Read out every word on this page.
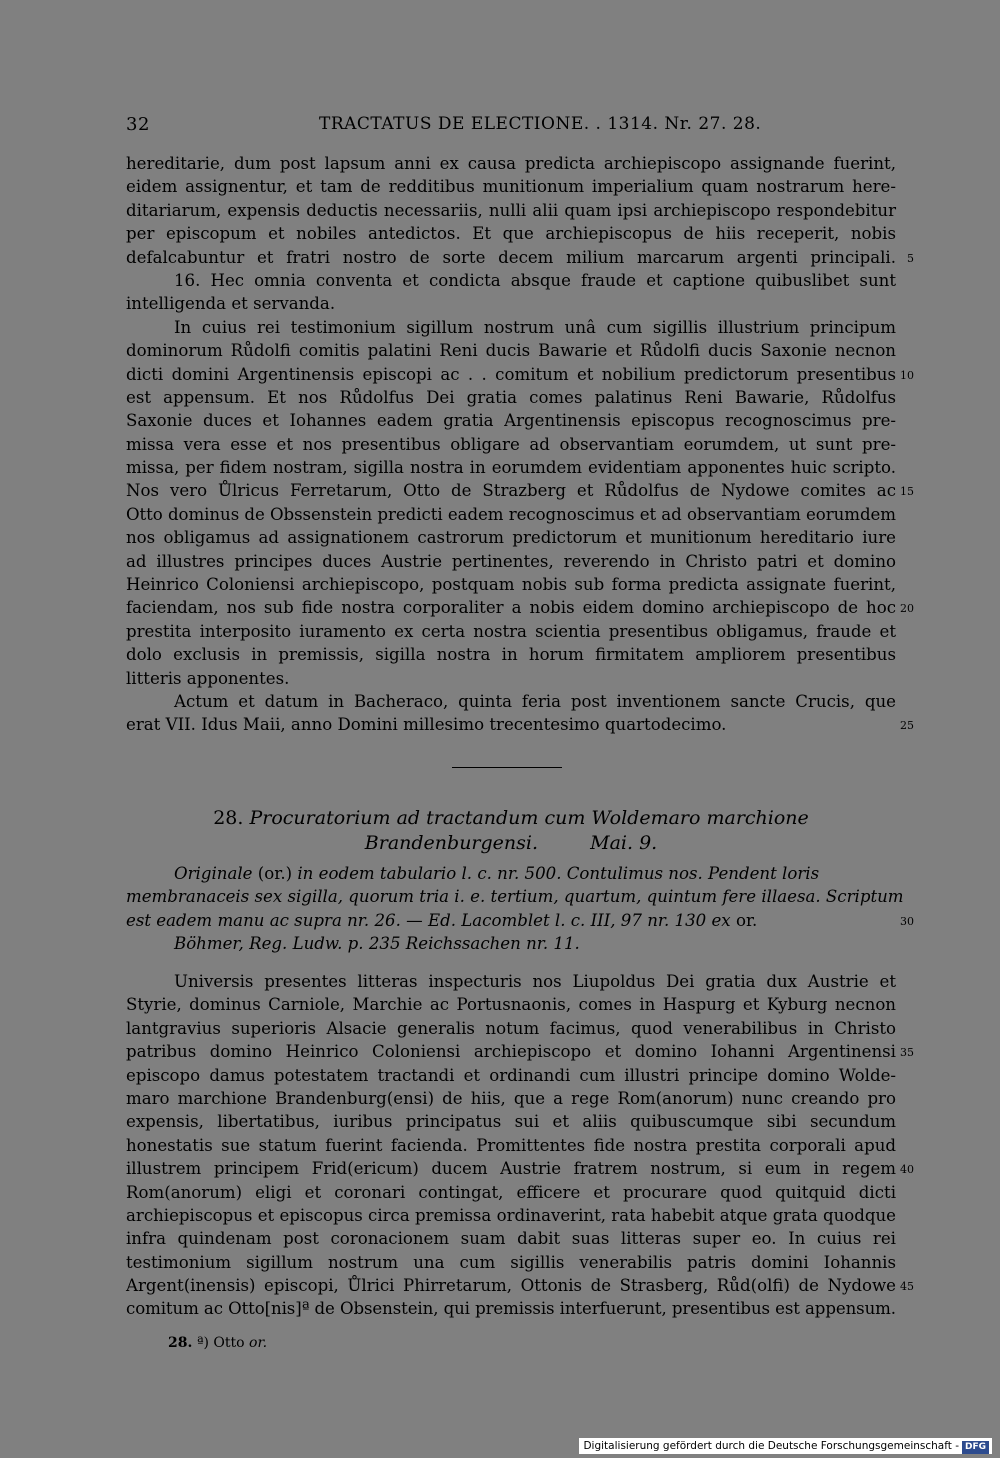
32	TRACTATUS DE ELECTIONE. . 1314. Nr. 27. 28.
hereditarie, dum post lapsum anni ex causa predicta archiepiscopo assignande fuerint,
eidem assignentur, et tam de redditibus munitionum imperialium quam nostrarum here-
ditariarum, expensis deductis necessariis, nulli alii quam ipsi archiepiscopo respondebitur
per episcopum et nobiles antedictos. Et que archiepiscopus de hiis receperit, nobis
defalcabuntur et fratri nostro de sorte decem milium marcarum argenti principali. 5
16. Hec omnia conventa et condicta absque fraude et captione quibuslibet sunt
intelligenda et servanda.
In cuius rei testimonium sigillum nostrum unâ cum sigillis illustrium principum
dominorum Růdolfi comitis palatini Reni ducis Bawarie et Růdolfi ducis Saxonie necnon
dicti domini Argentinensis episcopi ac . . comitum et nobilium predictorum presentibus 10
est appensum. Et nos Růdolfus Dei gratia comes palatinus Reni Bawarie, Růdolfus
Saxonie duces et Iohannes eadem gratia Argentinensis episcopus recognoscimus pre-
missa vera esse et nos presentibus obligare ad observantiam eorumdem, ut sunt pre-
missa, per fidem nostram, sigilla nostra in eorumdem evidentiam apponentes huic scripto.
Nos vero Ůlricus Ferretarum, Otto de Strazberg et Růdolfus de Nydowe comites ac 15
Otto dominus de Obssenstein predicti eadem recognoscimus et ad observantiam eorumdem
nos obligamus ad assignationem castrorum predictorum et munitionum hereditario iure
ad illustres principes duces Austrie pertinentes, reverendo in Christo patri et domino
Heinrico Coloniensi archiepiscopo, postquam nobis sub forma predicta assignate fuerint,
faciendam, nos sub fide nostra corporaliter a nobis eidem domino archiepiscopo de hoc 20
prestita interposito iuramento ex certa nostra scientia presentibus obligamus, fraude et
dolo exclusis in premissis, sigilla nostra in horum firmitatem ampliorem presentibus
litteris apponentes.
Actum et datum in Bacheraco, quinta feria post inventionem sancte Crucis, que
erat VII. Idus Maii, anno Domini millesimo trecentesimo quartodecimo.	25
28. Procuratorium ad tractandum cum Woldemaro marchione
Brandenburgensi.	Mai. 9.
Originale (or.) in eodem tabulario l. c. nr. 500. Contulimus nos. Pendent loris
membranaceis sex sigilla, quorum tria i. e. tertium, quartum, quintum fere illaesa. Scriptum
est eadem manu ac supra nr. 26. — Ed. Lacomblet l. c. III, 97 nr. 130 ex or.	30
Böhmer, Reg. Ludw. p. 235 Reichssachen nr. 11.
Universis presentes litteras inspecturis nos Liupoldus Dei gratia dux Austrie et
Styrie, dominus Carniole, Marchie ac Portusnaonis, comes in Haspurg et Kyburg necnon
lantgravius superioris Alsacie generalis notum facimus, quod venerabilibus in Christo
patribus domino Heinrico Coloniensi archiepiscopo et domino Iohanni Argentinensi 35
episcopo damus potestatem tractandi et ordinandi cum illustri principe domino Wolde-
maro marchione Brandenburg(ensi) de hiis, que a rege Rom(anorum) nunc creando pro
expensis, libertatibus, iuribus principatus sui et aliis quibuscumque sibi secundum
honestatis sue statum fuerint facienda. Promittentes fide nostra prestita corporali apud
illustrem principem Frid(ericum) ducem Austrie fratrem nostrum, si eum in regem 40
Rom(anorum) eligi et coronari contingat, efficere et procurare quod quitquid dicti
archiepiscopus et episcopus circa premissa ordinaverint, rata habebit atque grata quodque
infra quindenam post coronacionem suam dabit suas litteras super eo. In cuius rei
testimonium sigillum nostrum una cum sigillis venerabilis patris domini Iohannis
Argent(inensis) episcopi, Ůlrici Phirretarum, Ottonis de Strasberg, Růd(olfi) de Nydowe 45
comitum ac Otto[nis]ª de Obsenstein, qui premissis interfuerunt, presentibus est appensum.
28. ª) Otto or.
Digitalisierung gefördert durch die Deutsche Forschungsgemeinschaft - DFG
